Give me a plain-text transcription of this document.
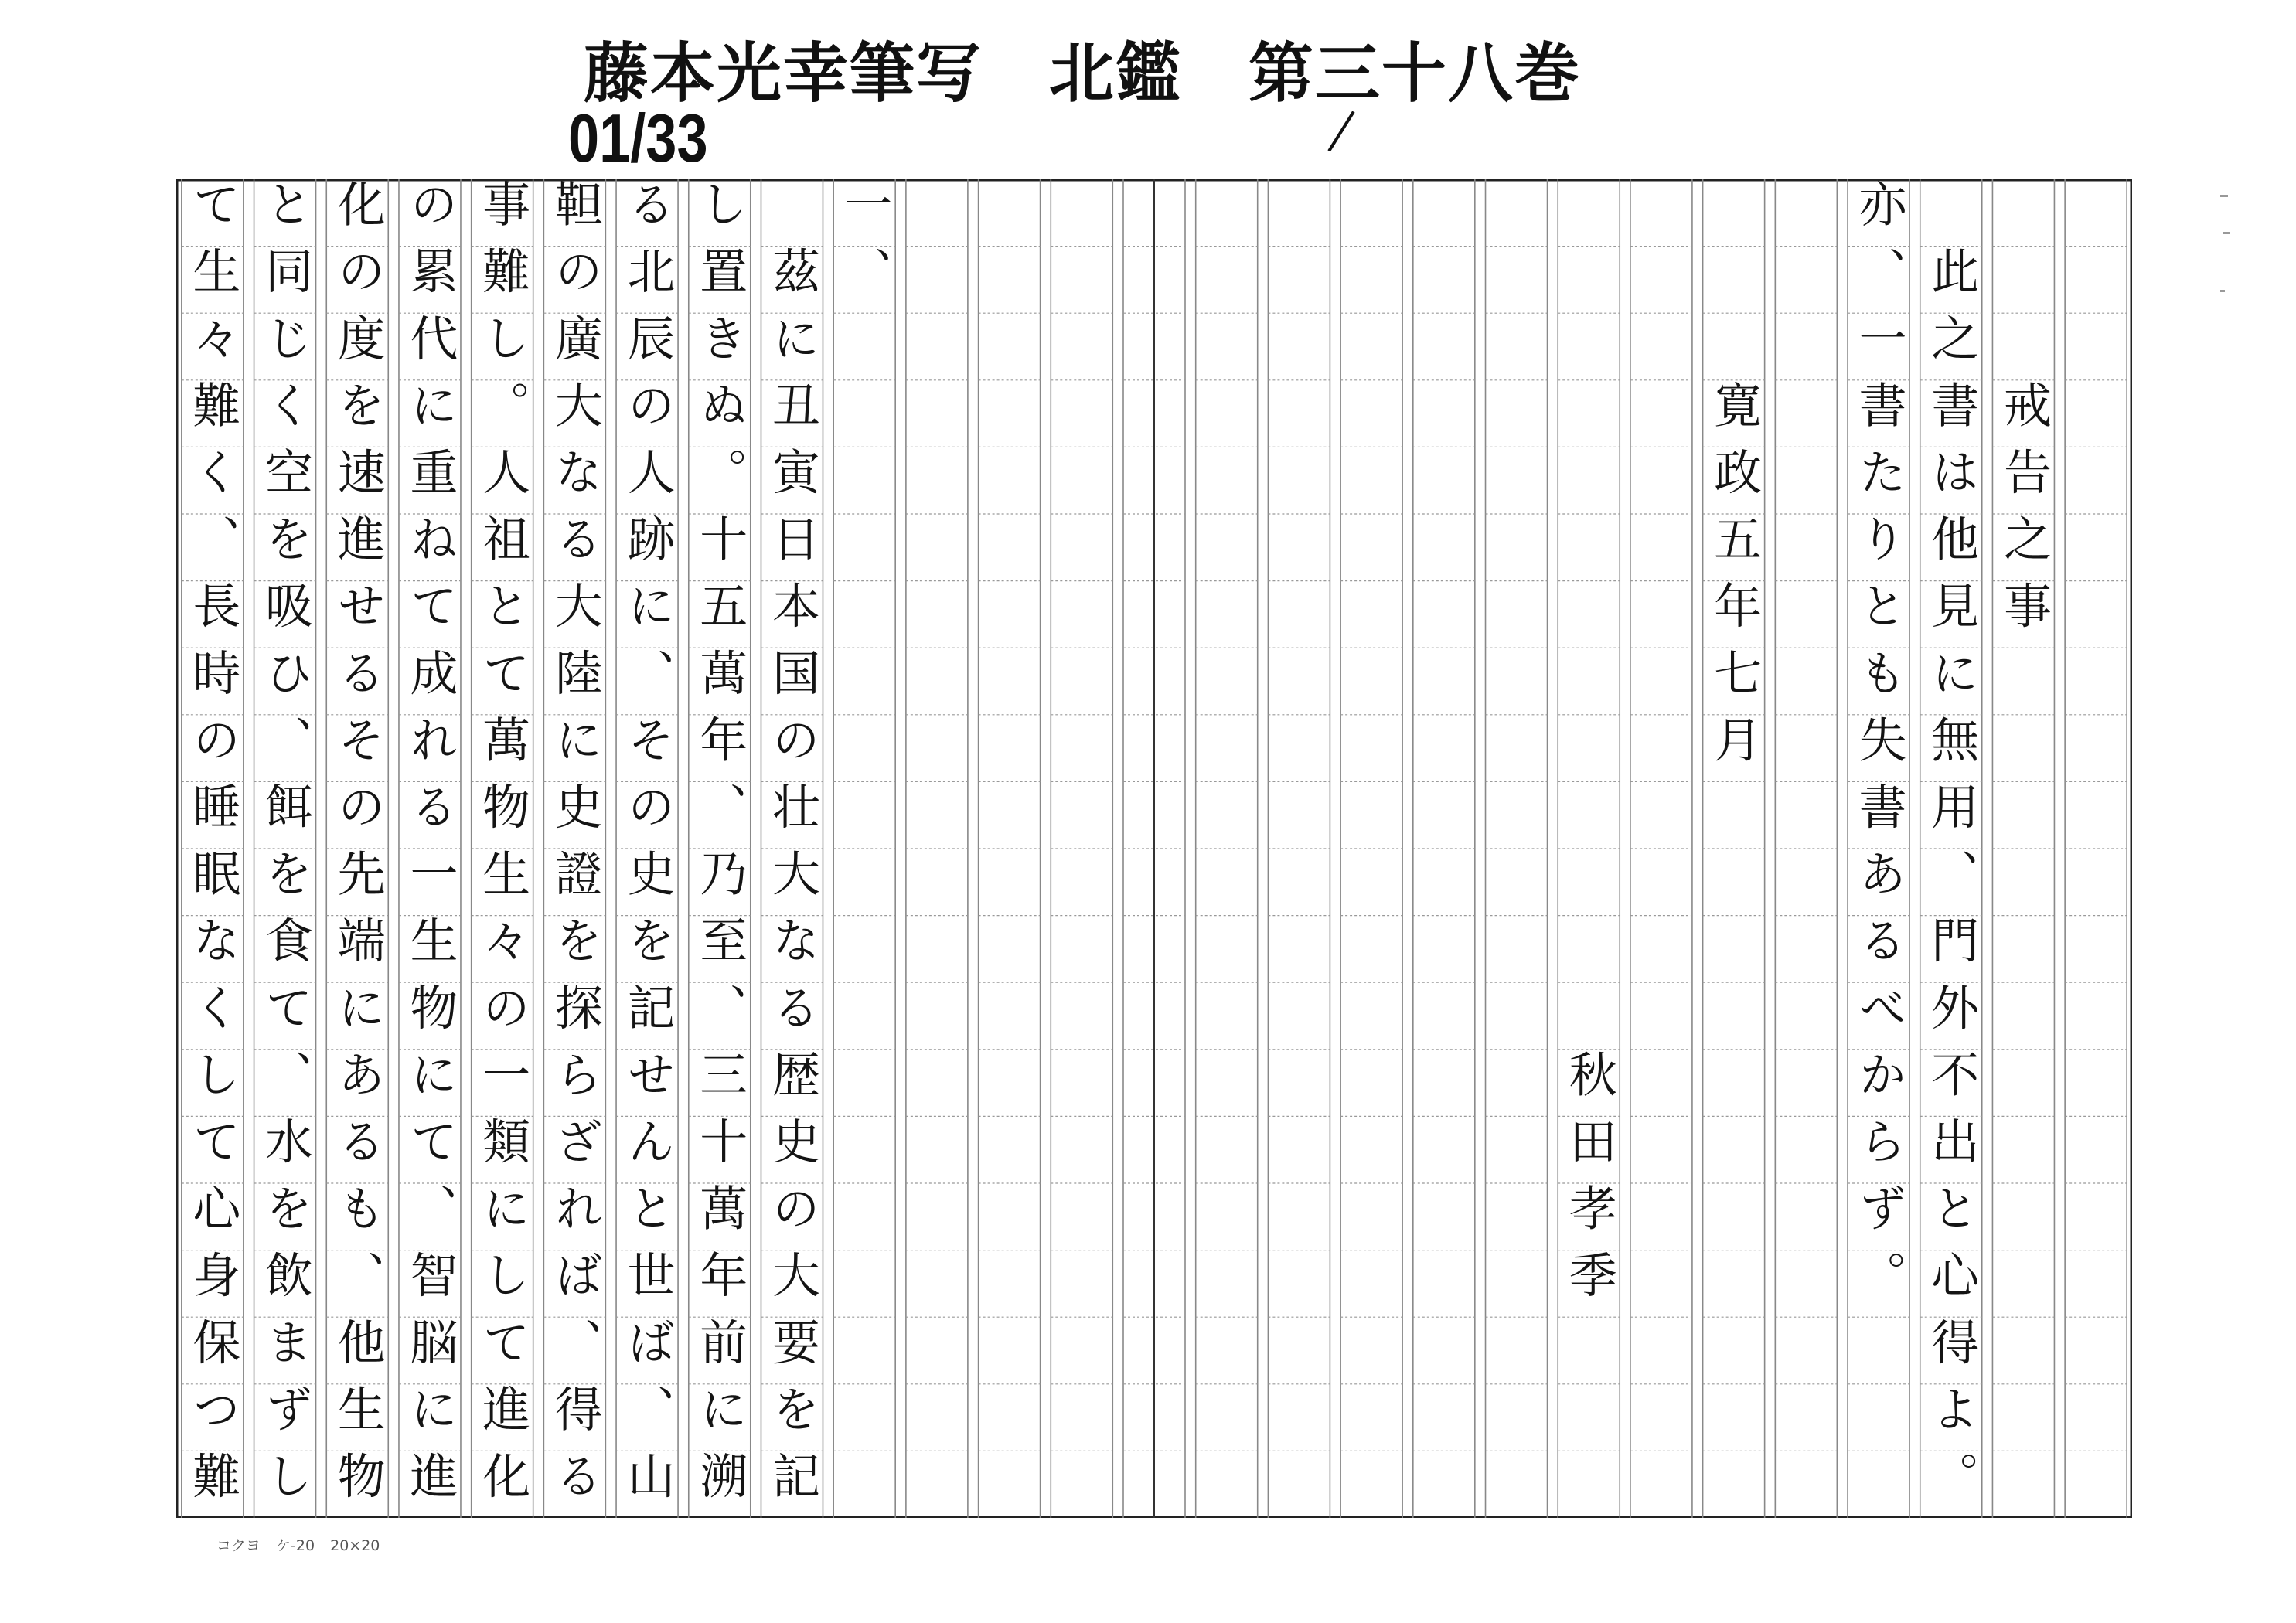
藤本光幸筆写　北鑑　第三十八巻
01/33
　　　戒告之事
　此之書は他見に無用、門外不出と心得よ。
亦、一書たりとも失書あるべからず。
　　　寛政五年七月
　　　　　　　　　　　　　秋田孝季
一、
　茲に丑寅日本国の壮大なる歴史の大要を記
し置きぬ。十五萬年、乃至、三十萬年前に溯
る北辰の人跡に、その史を記せんと世ば、山
靼の廣大なる大陸に史證を探らざれば、得る
事難し。人祖とて萬物生々の一類にして進化
の累代に重ねて成れる一生物にて、智脳に進
化の度を速進せるその先端にあるも、他生物
と同じく空を吸ひ、餌を食て、水を飲まずし
て生々難く、長時の睡眠なくして心身保つ難
コクヨ ケ-20 20×20
